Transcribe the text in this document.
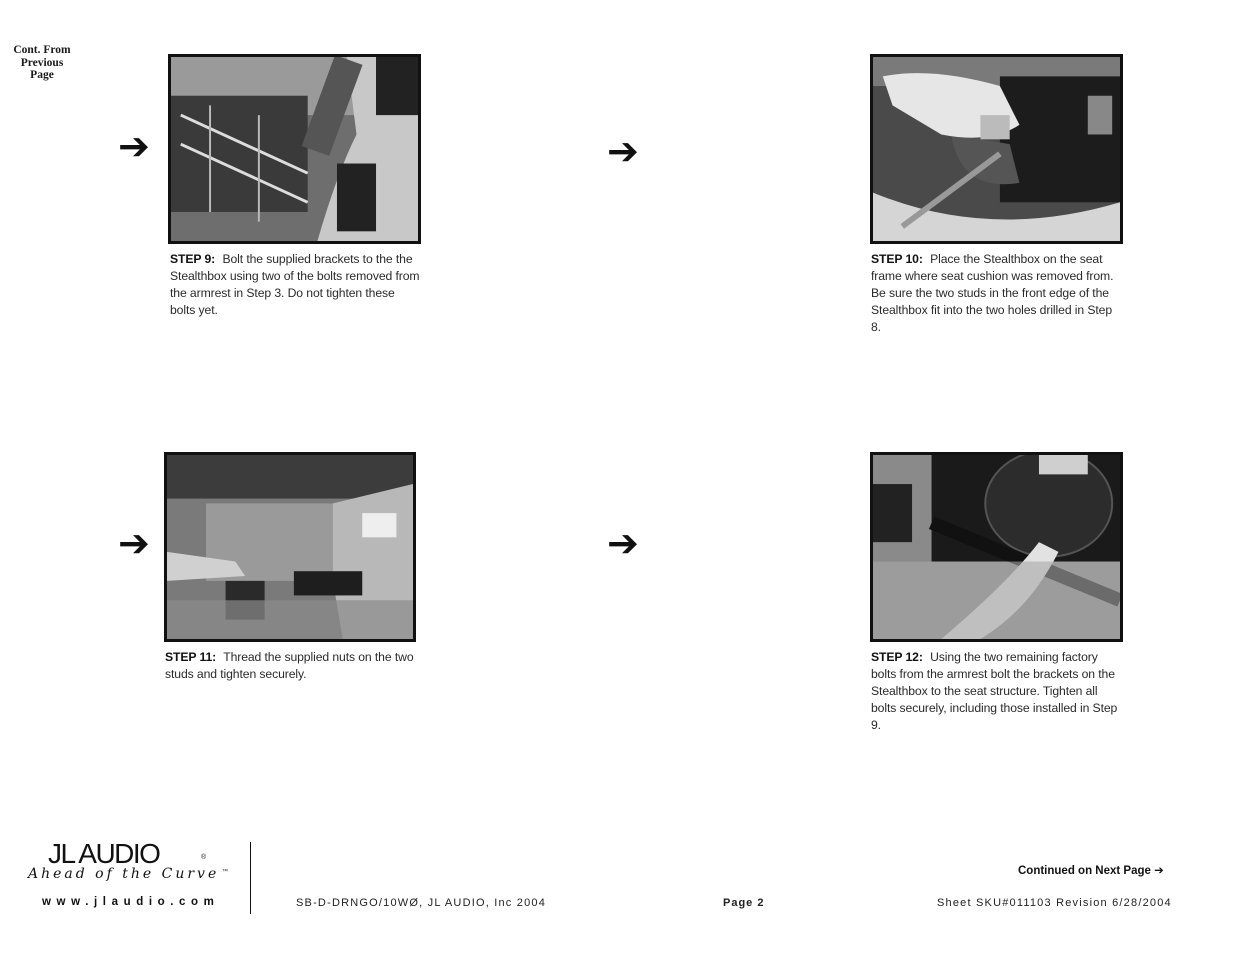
Cont. From Previous Page
➔
STEP 9: Bolt the supplied brackets to the the Stealthbox using two of the bolts removed from the armrest in Step 3. Do not tighten these bolts yet.
➔
STEP 10: Place the Stealthbox on the seat frame where seat cushion was removed from. Be sure the two studs in the front edge of the Stealthbox fit into the two holes drilled in Step 8.
➔
STEP 11: Thread the supplied nuts on the two studs and tighten securely.
➔
STEP 12: Using the two remaining factory bolts from the armrest bolt the brackets on the Stealthbox to the seat structure. Tighten all bolts securely, including those installed in Step 9.
JL AUDIO	®
Ahead of the Curve ™
www.jlaudio.com	SB-D-DRNGO/10WØ, JL AUDIO, Inc 2004	Page 2	Sheet SKU#011103 Revision 6/28/2004
Continued on Next Page ➔
